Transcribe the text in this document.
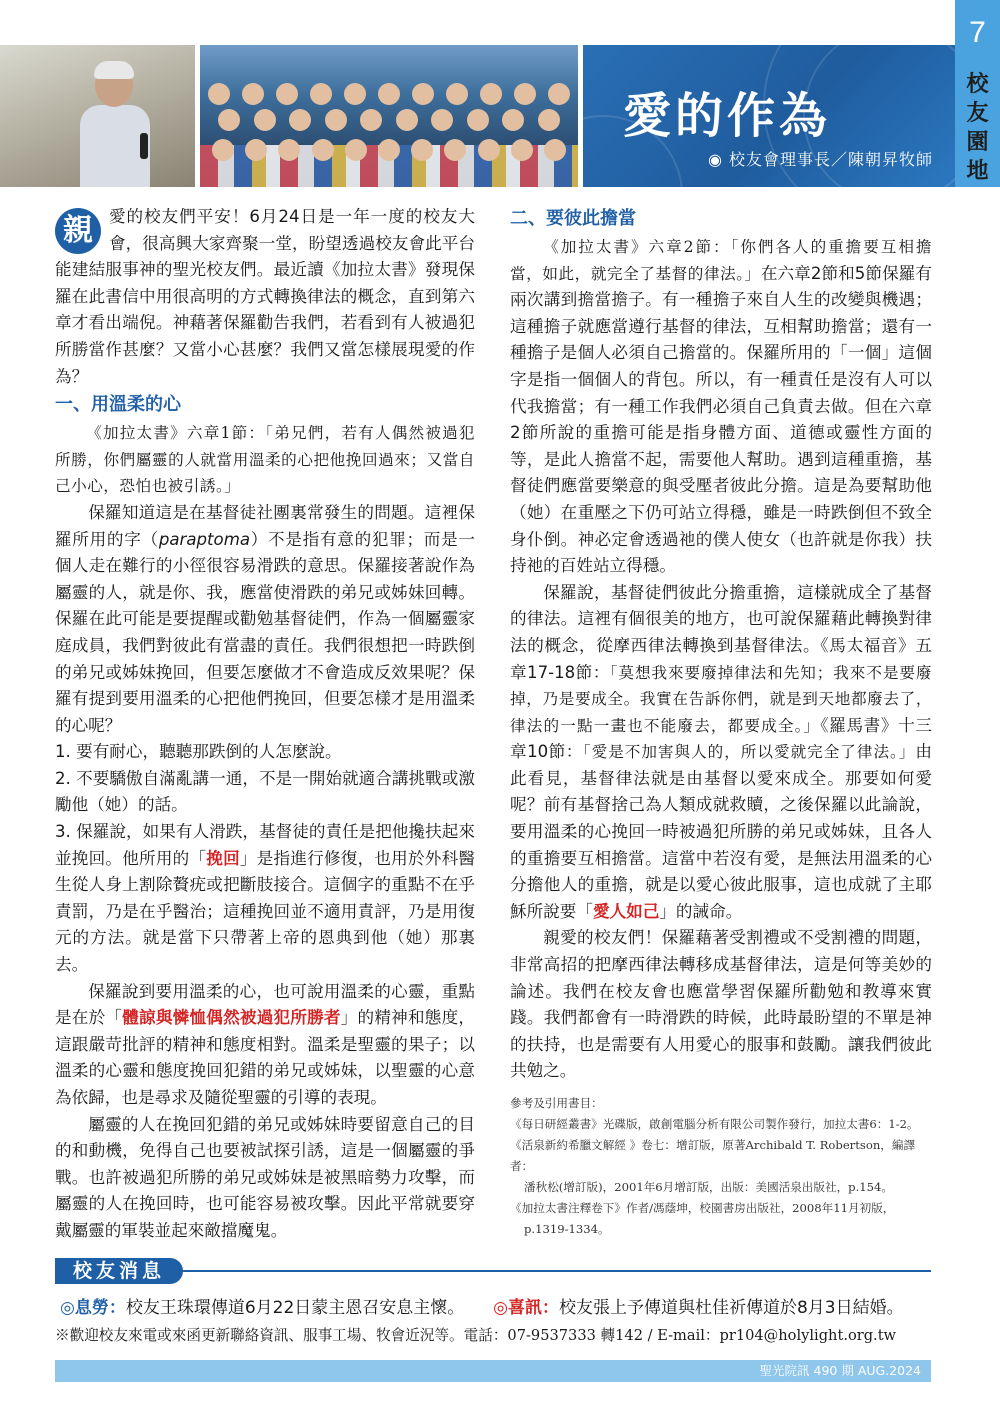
愛的作為
◉ 校友會理事長／陳朝昇牧師
7
校
友
園
地

親 愛的校友們平安！6月24日是一年一度的校友大會，很高興大家齊聚一堂，盼望透過校友會此平台能建結服事神的聖光校友們。最近讀《加拉太書》發現保羅在此書信中用很高明的方式轉換律法的概念，直到第六章才看出端倪。神藉著保羅勸告我們，若看到有人被過犯所勝當作甚麼？又當小心甚麼？我們又當怎樣展現愛的作為？

一、用溫柔的心

《加拉太書》六章1節：「弟兄們，若有人偶然被過犯所勝，你們屬靈的人就當用溫柔的心把他挽回過來；又當自己小心，恐怕也被引誘。」

保羅知道這是在基督徒社團裏常發生的問題。這裡保羅所用的字（paraptoma）不是指有意的犯罪；而是一個人走在難行的小徑很容易滑跌的意思。保羅接著說作為屬靈的人，就是你、我，應當使滑跌的弟兄或姊妹回轉。保羅在此可能是要提醒或勸勉基督徒們，作為一個屬靈家庭成員，我們對彼此有當盡的責任。我們很想把一時跌倒的弟兄或姊妹挽回，但要怎麼做才不會造成反效果呢？保羅有提到要用溫柔的心把他們挽回，但要怎樣才是用溫柔的心呢？

1. 要有耐心，聽聽那跌倒的人怎麼說。

2. 不要驕傲自滿亂講一通，不是一開始就適合講挑戰或激勵他（她）的話。

3. 保羅說，如果有人滑跌，基督徒的責任是把他攙扶起來並挽回。他所用的「挽回」是指進行修復，也用於外科醫生從人身上割除贅疣或把斷肢接合。這個字的重點不在乎責罰，乃是在乎醫治；這種挽回並不適用責評，乃是用復元的方法。就是當下只帶著上帝的恩典到他（她）那裏去。

保羅說到要用溫柔的心，也可說用溫柔的心靈，重點是在於「體諒與憐恤偶然被過犯所勝者」的精神和態度，這跟嚴苛批評的精神和態度相對。溫柔是聖靈的果子；以溫柔的心靈和態度挽回犯錯的弟兄或姊妹，以聖靈的心意為依歸，也是尋求及隨從聖靈的引導的表現。

屬靈的人在挽回犯錯的弟兄或姊妹時要留意自己的目的和動機，免得自己也要被試探引誘，這是一個屬靈的爭戰。也許被過犯所勝的弟兄或姊妹是被黑暗勢力攻擊，而屬靈的人在挽回時，也可能容易被攻擊。因此平常就要穿戴屬靈的軍裝並起來敵擋魔鬼。

二、要彼此擔當

《加拉太書》六章2節：「你們各人的重擔要互相擔當，如此，就完全了基督的律法。」在六章2節和5節保羅有兩次講到擔當擔子。有一種擔子來自人生的改變與機遇；這種擔子就應當遵行基督的律法，互相幫助擔當；還有一種擔子是個人必須自己擔當的。保羅所用的「一個」這個字是指一個個人的背包。所以，有一種責任是沒有人可以代我擔當；有一種工作我們必須自己負責去做。但在六章2節所說的重擔可能是指身體方面、道德或靈性方面的等，是此人擔當不起，需要他人幫助。遇到這種重擔，基督徒們應當要樂意的與受壓者彼此分擔。這是為要幫助他（她）在重壓之下仍可站立得穩，雖是一時跌倒但不致全身仆倒。神必定會透過祂的僕人使女（也許就是你我）扶持祂的百姓站立得穩。

保羅說，基督徒們彼此分擔重擔，這樣就成全了基督的律法。這裡有個很美的地方，也可說保羅藉此轉換對律法的概念，從摩西律法轉換到基督律法。《馬太福音》五章17-18節：「莫想我來要廢掉律法和先知；我來不是要廢掉，乃是要成全。我實在告訴你們，就是到天地都廢去了，律法的一點一畫也不能廢去，都要成全。」《羅馬書》十三章10節：「愛是不加害與人的，所以愛就完全了律法。」由此看見，基督律法就是由基督以愛來成全。那要如何愛呢？前有基督捨己為人類成就救贖，之後保羅以此論說，要用溫柔的心挽回一時被過犯所勝的弟兄或姊妹，且各人的重擔要互相擔當。這當中若沒有愛，是無法用溫柔的心分擔他人的重擔，就是以愛心彼此服事，這也成就了主耶穌所說要「愛人如己」的誡命。

親愛的校友們！保羅藉著受割禮或不受割禮的問題，非常高招的把摩西律法轉移成基督律法，這是何等美妙的論述。我們在校友會也應當學習保羅所勸勉和教導來實踐。我們都會有一時滑跌的時候，此時最盼望的不單是神的扶持，也是需要有人用愛心的服事和鼓勵。讓我們彼此共勉之。

參考及引用書目：
《每日研經叢書》光碟版，啟創電腦分析有限公司製作發行，加拉太書6：1-2。
《活泉新約希臘文解經 》卷七：增訂版，原著Archibald T. Robertson，編譯者：
潘秋松(增訂版)，2001年6月增訂版，出版：美國活泉出版社，p.154。
《加拉太書注釋卷下》作者/馮蔭坤，校園書房出版社，2008年11月初版，
p.1319-1334。
校友消息
◎息勞：校友王珠環傳道6月22日蒙主恩召安息主懷。 ◎喜訊：校友張上予傳道與杜佳祈傳道於8月3日結婚。
※歡迎校友來電或來函更新聯絡資訊、服事工場、牧會近況等。電話：07-9537333 轉142 / E-mail：pr104@holylight.org.tw
聖光院訊 490 期 AUG.2024
